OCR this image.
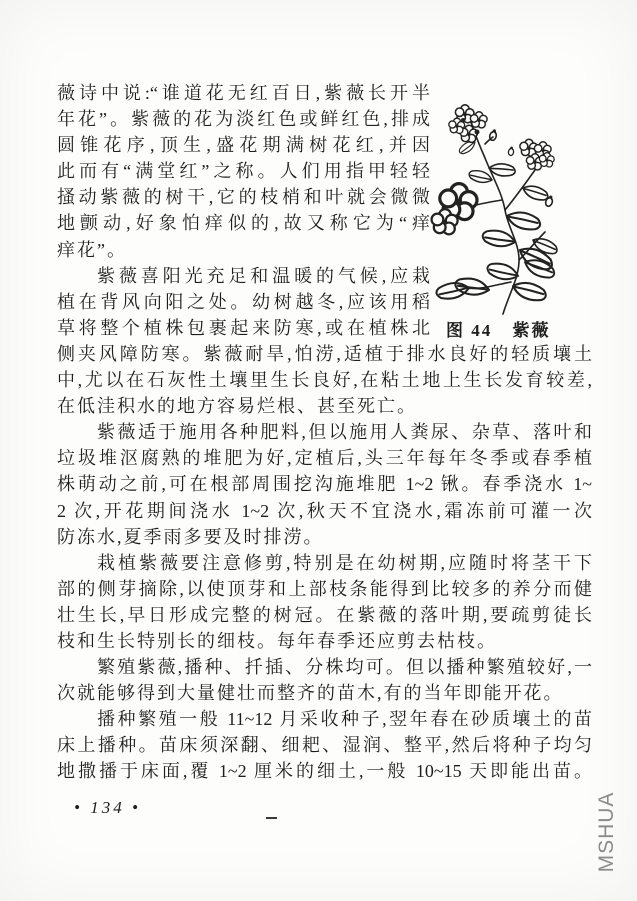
薇诗中说:“谁道花无红百日,紫薇长开半
年花”。紫薇的花为淡红色或鲜红色,排成
圆锥花序,顶生,盛花期满树花红,并因
此而有“满堂红”之称。人们用指甲轻轻
搔动紫薇的树干,它的枝梢和叶就会微微
地颤动,好象怕痒似的,故又称它为“痒
痒花”。
紫薇喜阳光充足和温暖的气候,应栽
植在背风向阳之处。幼树越冬,应该用稻
草将整个植株包裹起来防寒,或在植株北
侧夹风障防寒。紫薇耐旱,怕涝,适植于排水良好的轻质壤土
中,尤以在石灰性土壤里生长良好,在粘土地上生长发育较差,
在低洼积水的地方容易烂根、甚至死亡。
紫薇适于施用各种肥料,但以施用人粪尿、杂草、落叶和
垃圾堆沤腐熟的堆肥为好,定植后,头三年每年冬季或春季植
株萌动之前,可在根部周围挖沟施堆肥 1~2 锹。春季浇水 1~
2 次,开花期间浇水 1~2 次,秋天不宜浇水,霜冻前可灌一次
防冻水,夏季雨多要及时排涝。
栽植紫薇要注意修剪,特别是在幼树期,应随时将茎干下
部的侧芽摘除,以使顶芽和上部枝条能得到比较多的养分而健
壮生长,早日形成完整的树冠。在紫薇的落叶期,要疏剪徒长
枝和生长特别长的细枝。每年春季还应剪去枯枝。
繁殖紫薇,播种、扦插、分株均可。但以播种繁殖较好,一
次就能够得到大量健壮而整齐的苗木,有的当年即能开花。
播种繁殖一般 11~12 月采收种子,翌年春在砂质壤土的苗
床上播种。苗床须深翻、细耙、湿润、整平,然后将种子均匀
地撒播于床面,覆 1~2 厘米的细土,一般 10~15 天即能出苗。
图 44 紫薇
• 134 •	MSHUA
